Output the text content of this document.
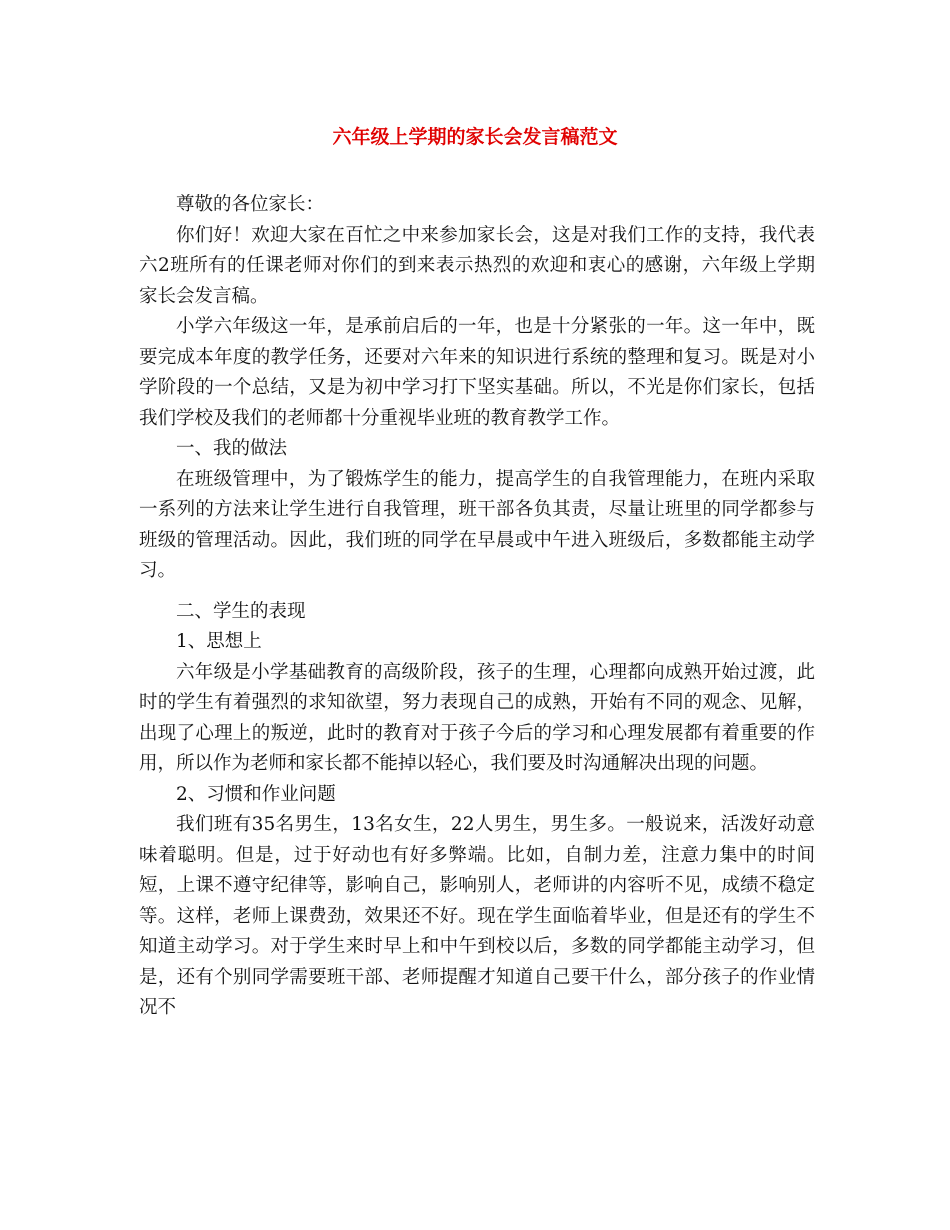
六年级上学期的家长会发言稿范文

尊敬的各位家长：

你们好！欢迎大家在百忙之中来参加家长会，这是对我们工作的支持，我代表六2班所有的任课老师对你们的到来表示热烈的欢迎和衷心的感谢，六年级上学期家长会发言稿。

小学六年级这一年，是承前启后的一年，也是十分紧张的一年。这一年中，既要完成本年度的教学任务，还要对六年来的知识进行系统的整理和复习。既是对小学阶段的一个总结，又是为初中学习打下坚实基础。所以，不光是你们家长，包括我们学校及我们的老师都十分重视毕业班的教育教学工作。

一、我的做法

在班级管理中，为了锻炼学生的能力，提高学生的自我管理能力，在班内采取一系列的方法来让学生进行自我管理，班干部各负其责，尽量让班里的同学都参与班级的管理活动。因此，我们班的同学在早晨或中午进入班级后，多数都能主动学习。

二、学生的表现

1、思想上

六年级是小学基础教育的高级阶段，孩子的生理，心理都向成熟开始过渡，此时的学生有着强烈的求知欲望，努力表现自己的成熟，开始有不同的观念、见解，出现了心理上的叛逆，此时的教育对于孩子今后的学习和心理发展都有着重要的作用，所以作为老师和家长都不能掉以轻心，我们要及时沟通解决出现的问题。

2、习惯和作业问题

我们班有35名男生，13名女生，22人男生，男生多。一般说来，活泼好动意味着聪明。但是，过于好动也有好多弊端。比如，自制力差，注意力集中的时间短，上课不遵守纪律等，影响自己，影响别人，老师讲的内容听不见，成绩不稳定等。这样，老师上课费劲，效果还不好。现在学生面临着毕业，但是还有的学生不知道主动学习。对于学生来时早上和中午到校以后，多数的同学都能主动学习，但是，还有个别同学需要班干部、老师提醒才知道自己要干什么，部分孩子的作业情况不
